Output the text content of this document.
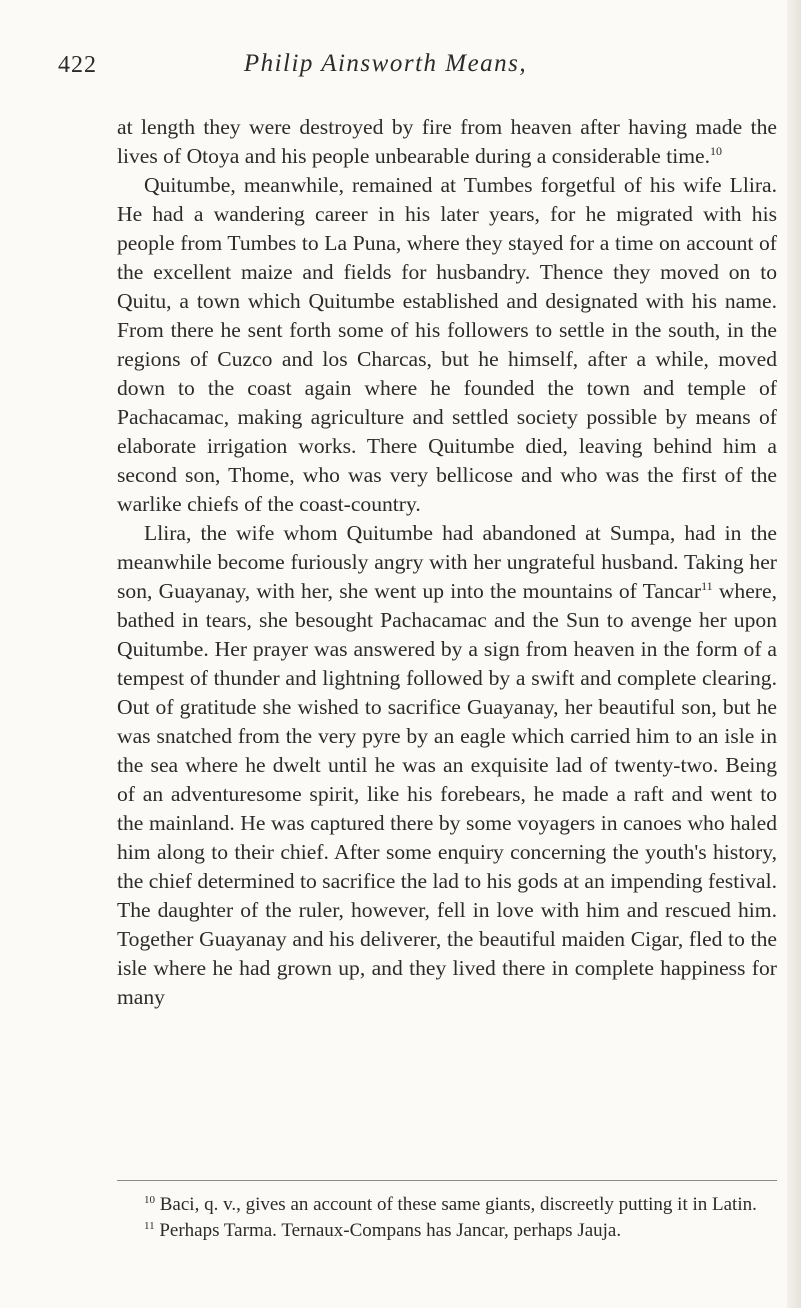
422	Philip Ainsworth Means,

at length they were destroyed by fire from heaven after having made the lives of Otoya and his people unbearable during a considerable time.$^{10}$

Quitumbe, meanwhile, remained at Tumbes forgetful of his wife Llira. He had a wandering career in his later years, for he migrated with his people from Tumbes to La Puna, where they stayed for a time on account of the excellent maize and fields for husbandry. Thence they moved on to Quitu, a town which Quitumbe established and designated with his name. From there he sent forth some of his followers to settle in the south, in the regions of Cuzco and los Charcas, but he himself, after a while, moved down to the coast again where he founded the town and temple of Pachacamac, making agriculture and settled society possible by means of elaborate irrigation works. There Quitumbe died, leaving behind him a second son, Thome, who was very bellicose and who was the first of the warlike chiefs of the coast-country.

Llira, the wife whom Quitumbe had abandoned at Sumpa, had in the meanwhile become furiously angry with her ungrateful husband. Taking her son, Guayanay, with her, she went up into the mountains of Tancar$^{11}$ where, bathed in tears, she besought Pachacamac and the Sun to avenge her upon Quitumbe. Her prayer was answered by a sign from heaven in the form of a tempest of thunder and lightning followed by a swift and complete clearing. Out of gratitude she wished to sacrifice Guayanay, her beautiful son, but he was snatched from the very pyre by an eagle which carried him to an isle in the sea where he dwelt until he was an exquisite lad of twenty-two. Being of an adventuresome spirit, like his forebears, he made a raft and went to the mainland. He was captured there by some voyagers in canoes who haled him along to their chief. After some enquiry concerning the youth's history, the chief determined to sacrifice the lad to his gods at an impending festival. The daughter of the ruler, however, fell in love with him and rescued him. Together Guayanay and his deliverer, the beautiful maiden Cigar, fled to the isle where he had grown up, and they lived there in complete happiness for many

$^{10}$ Baci, q. v., gives an account of these same giants, discreetly putting it in Latin.

$^{11}$ Perhaps Tarma. Ternaux-Compans has Jancar, perhaps Jauja.
